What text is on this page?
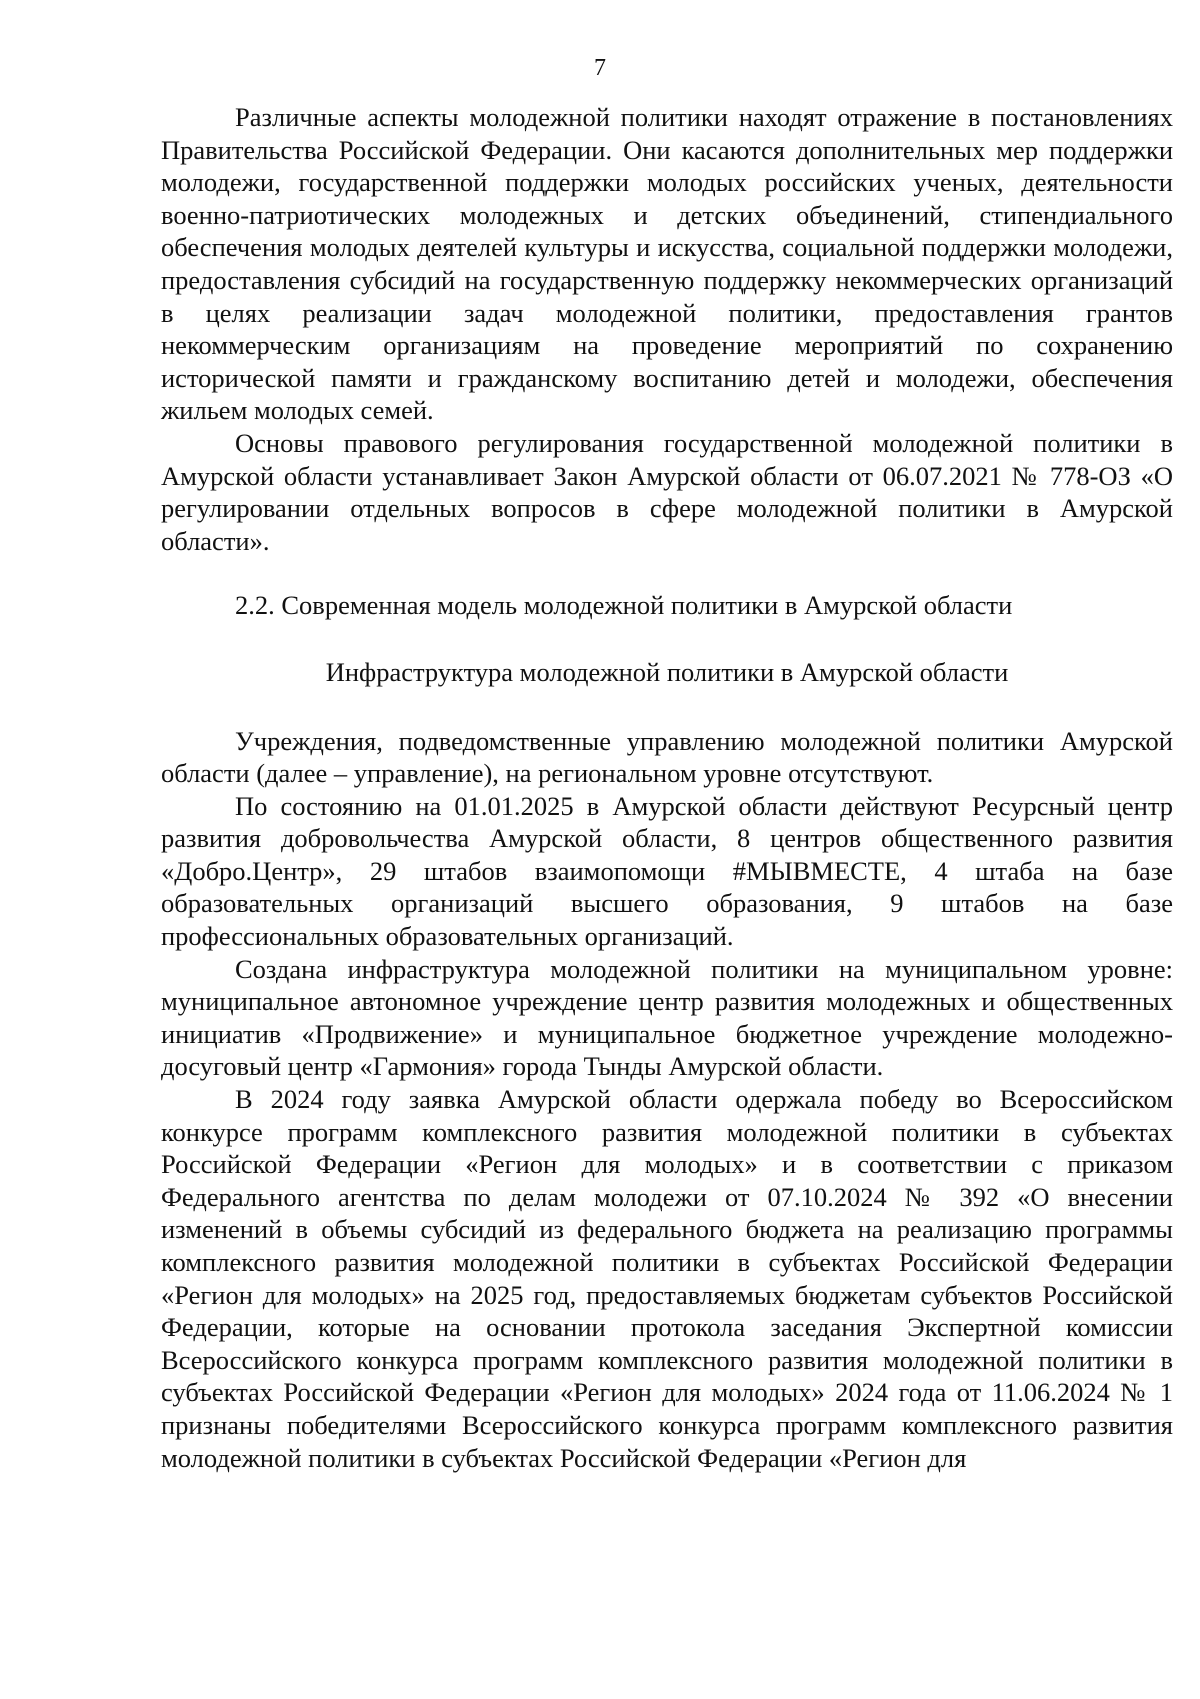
7

Различные аспекты молодежной политики находят отражение в постановлениях Правительства Российской Федерации. Они касаются дополнительных мер поддержки молодежи, государственной поддержки молодых российских ученых, деятельности военно-патриотических молодежных и детских объединений, стипендиального обеспечения молодых деятелей культуры и искусства, социальной поддержки молодежи, предоставления субсидий на государственную поддержку некоммерческих организаций в целях реализации задач молодежной политики, предоставления грантов некоммерческим организациям на проведение мероприятий по сохранению исторической памяти и гражданскому воспитанию детей и молодежи, обеспечения жильем молодых семей.

Основы правового регулирования государственной молодежной политики в Амурской области устанавливает Закон Амурской области от 06.07.2021 № 778-ОЗ «О регулировании отдельных вопросов в сфере молодежной политики в Амурской области».

2.2. Современная модель молодежной политики в Амурской области

Инфраструктура молодежной политики в Амурской области

Учреждения, подведомственные управлению молодежной политики Амурской области (далее – управление), на региональном уровне отсутствуют.

По состоянию на 01.01.2025 в Амурской области действуют Ресурсный центр развития добровольчества Амурской области, 8 центров общественного развития «Добро.Центр», 29 штабов взаимопомощи #МЫВМЕСТЕ, 4 штаба на базе образовательных организаций высшего образования, 9 штабов на базе профессиональных образовательных организаций.

Создана инфраструктура молодежной политики на муниципальном уровне: муниципальное автономное учреждение центр развития молодежных и общественных инициатив «Продвижение» и муниципальное бюджетное учреждение молодежно-досуговый центр «Гармония» города Тынды Амурской области.

В 2024 году заявка Амурской области одержала победу во Всероссийском конкурсе программ комплексного развития молодежной политики в субъектах Российской Федерации «Регион для молодых» и в соответствии с приказом Федерального агентства по делам молодежи от 07.10.2024 № 392 «О внесении изменений в объемы субсидий из федерального бюджета на реализацию программы комплексного развития молодежной политики в субъектах Российской Федерации «Регион для молодых» на 2025 год, предоставляемых бюджетам субъектов Российской Федерации, которые на основании протокола заседания Экспертной комиссии Всероссийского конкурса программ комплексного развития молодежной политики в субъектах Российской Федерации «Регион для молодых» 2024 года от 11.06.2024 № 1 признаны победителями Всероссийского конкурса программ комплексного развития молодежной политики в субъектах Российской Федерации «Регион для
